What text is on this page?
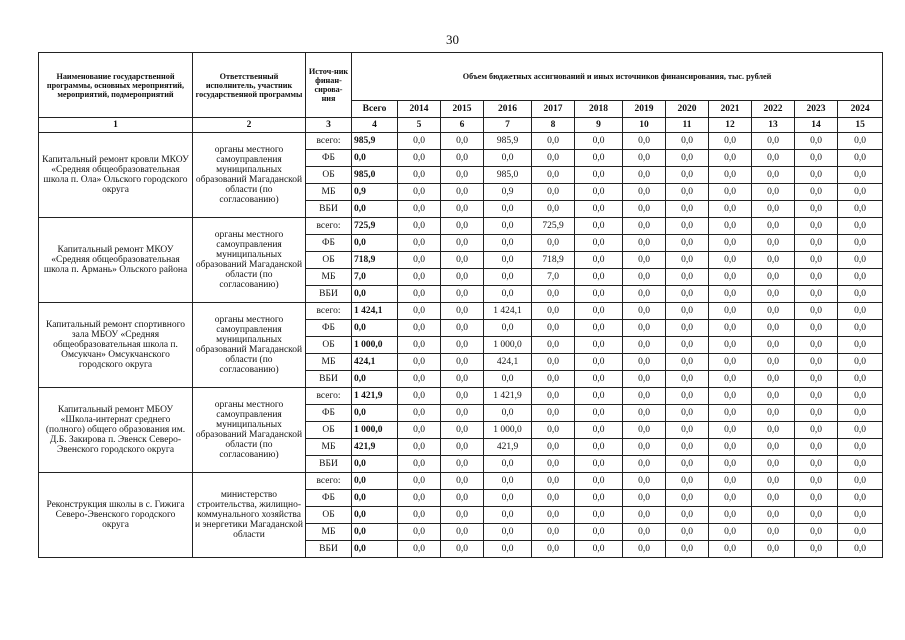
30
Наименование государственной программы, основных мероприятий, мероприятий, подмероприятий	Ответственный исполнитель, участник государственной программы	Источ-ник финан-сирова-ния	Объем бюджетных ассигнований и иных источников финансирования, тыс. рублей											
			Всего	2014	2015	2016	2017	2018	2019	2020	2021	2022	2023	2024
1	2	3	4	5	6	7	8	9	10	11	12	13	14	15
Капитальный ремонт кровли МКОУ «Средняя общеобразовательная школа п. Ола» Ольского городского округа	органы местного самоуправления муниципальных образований Магаданской области (по согласованию)	всего:	985,9	0,0	0,0	985,9	0,0	0,0	0,0	0,0	0,0	0,0	0,0	0,0
		ФБ	0,0	0,0	0,0	0,0	0,0	0,0	0,0	0,0	0,0	0,0	0,0	0,0
		ОБ	985,0	0,0	0,0	985,0	0,0	0,0	0,0	0,0	0,0	0,0	0,0	0,0
		МБ	0,9	0,0	0,0	0,9	0,0	0,0	0,0	0,0	0,0	0,0	0,0	0,0
		ВБИ	0,0	0,0	0,0	0,0	0,0	0,0	0,0	0,0	0,0	0,0	0,0	0,0
Капитальный ремонт МКОУ «Средняя общеобразовательная школа п. Армань» Ольского района	органы местного самоуправления муниципальных образований Магаданской области (по согласованию)	всего:	725,9	0,0	0,0	0,0	725,9	0,0	0,0	0,0	0,0	0,0	0,0	0,0
		ФБ	0,0	0,0	0,0	0,0	0,0	0,0	0,0	0,0	0,0	0,0	0,0	0,0
		ОБ	718,9	0,0	0,0	0,0	718,9	0,0	0,0	0,0	0,0	0,0	0,0	0,0
		МБ	7,0	0,0	0,0	0,0	7,0	0,0	0,0	0,0	0,0	0,0	0,0	0,0
		ВБИ	0,0	0,0	0,0	0,0	0,0	0,0	0,0	0,0	0,0	0,0	0,0	0,0
Капитальный ремонт спортивного зала МБОУ «Средняя общеобразовательная школа п. Омсукчан» Омсукчанского городского округа	органы местного самоуправления муниципальных образований Магаданской области (по согласованию)	всего:	1 424,1	0,0	0,0	1 424,1	0,0	0,0	0,0	0,0	0,0	0,0	0,0	0,0
		ФБ	0,0	0,0	0,0	0,0	0,0	0,0	0,0	0,0	0,0	0,0	0,0	0,0
		ОБ	1 000,0	0,0	0,0	1 000,0	0,0	0,0	0,0	0,0	0,0	0,0	0,0	0,0
		МБ	424,1	0,0	0,0	424,1	0,0	0,0	0,0	0,0	0,0	0,0	0,0	0,0
		ВБИ	0,0	0,0	0,0	0,0	0,0	0,0	0,0	0,0	0,0	0,0	0,0	0,0
Капитальный ремонт МБОУ «Школа-интернат среднего (полного) общего образования им. Д.Б. Закирова п. Эвенск Северо-Эвенского городского округа	органы местного самоуправления муниципальных образований Магаданской области (по согласованию)	всего:	1 421,9	0,0	0,0	1 421,9	0,0	0,0	0,0	0,0	0,0	0,0	0,0	0,0
		ФБ	0,0	0,0	0,0	0,0	0,0	0,0	0,0	0,0	0,0	0,0	0,0	0,0
		ОБ	1 000,0	0,0	0,0	1 000,0	0,0	0,0	0,0	0,0	0,0	0,0	0,0	0,0
		МБ	421,9	0,0	0,0	421,9	0,0	0,0	0,0	0,0	0,0	0,0	0,0	0,0
		ВБИ	0,0	0,0	0,0	0,0	0,0	0,0	0,0	0,0	0,0	0,0	0,0	0,0
Реконструкция школы в с. Гижига Северо-Эвенского городского округа	министерство строительства, жилищно-коммунального хозяйства и энергетики Магаданской области	всего:	0,0	0,0	0,0	0,0	0,0	0,0	0,0	0,0	0,0	0,0	0,0	0,0
		ФБ	0,0	0,0	0,0	0,0	0,0	0,0	0,0	0,0	0,0	0,0	0,0	0,0
		ОБ	0,0	0,0	0,0	0,0	0,0	0,0	0,0	0,0	0,0	0,0	0,0	0,0
		МБ	0,0	0,0	0,0	0,0	0,0	0,0	0,0	0,0	0,0	0,0	0,0	0,0
		ВБИ	0,0	0,0	0,0	0,0	0,0	0,0	0,0	0,0	0,0	0,0	0,0	0,0
